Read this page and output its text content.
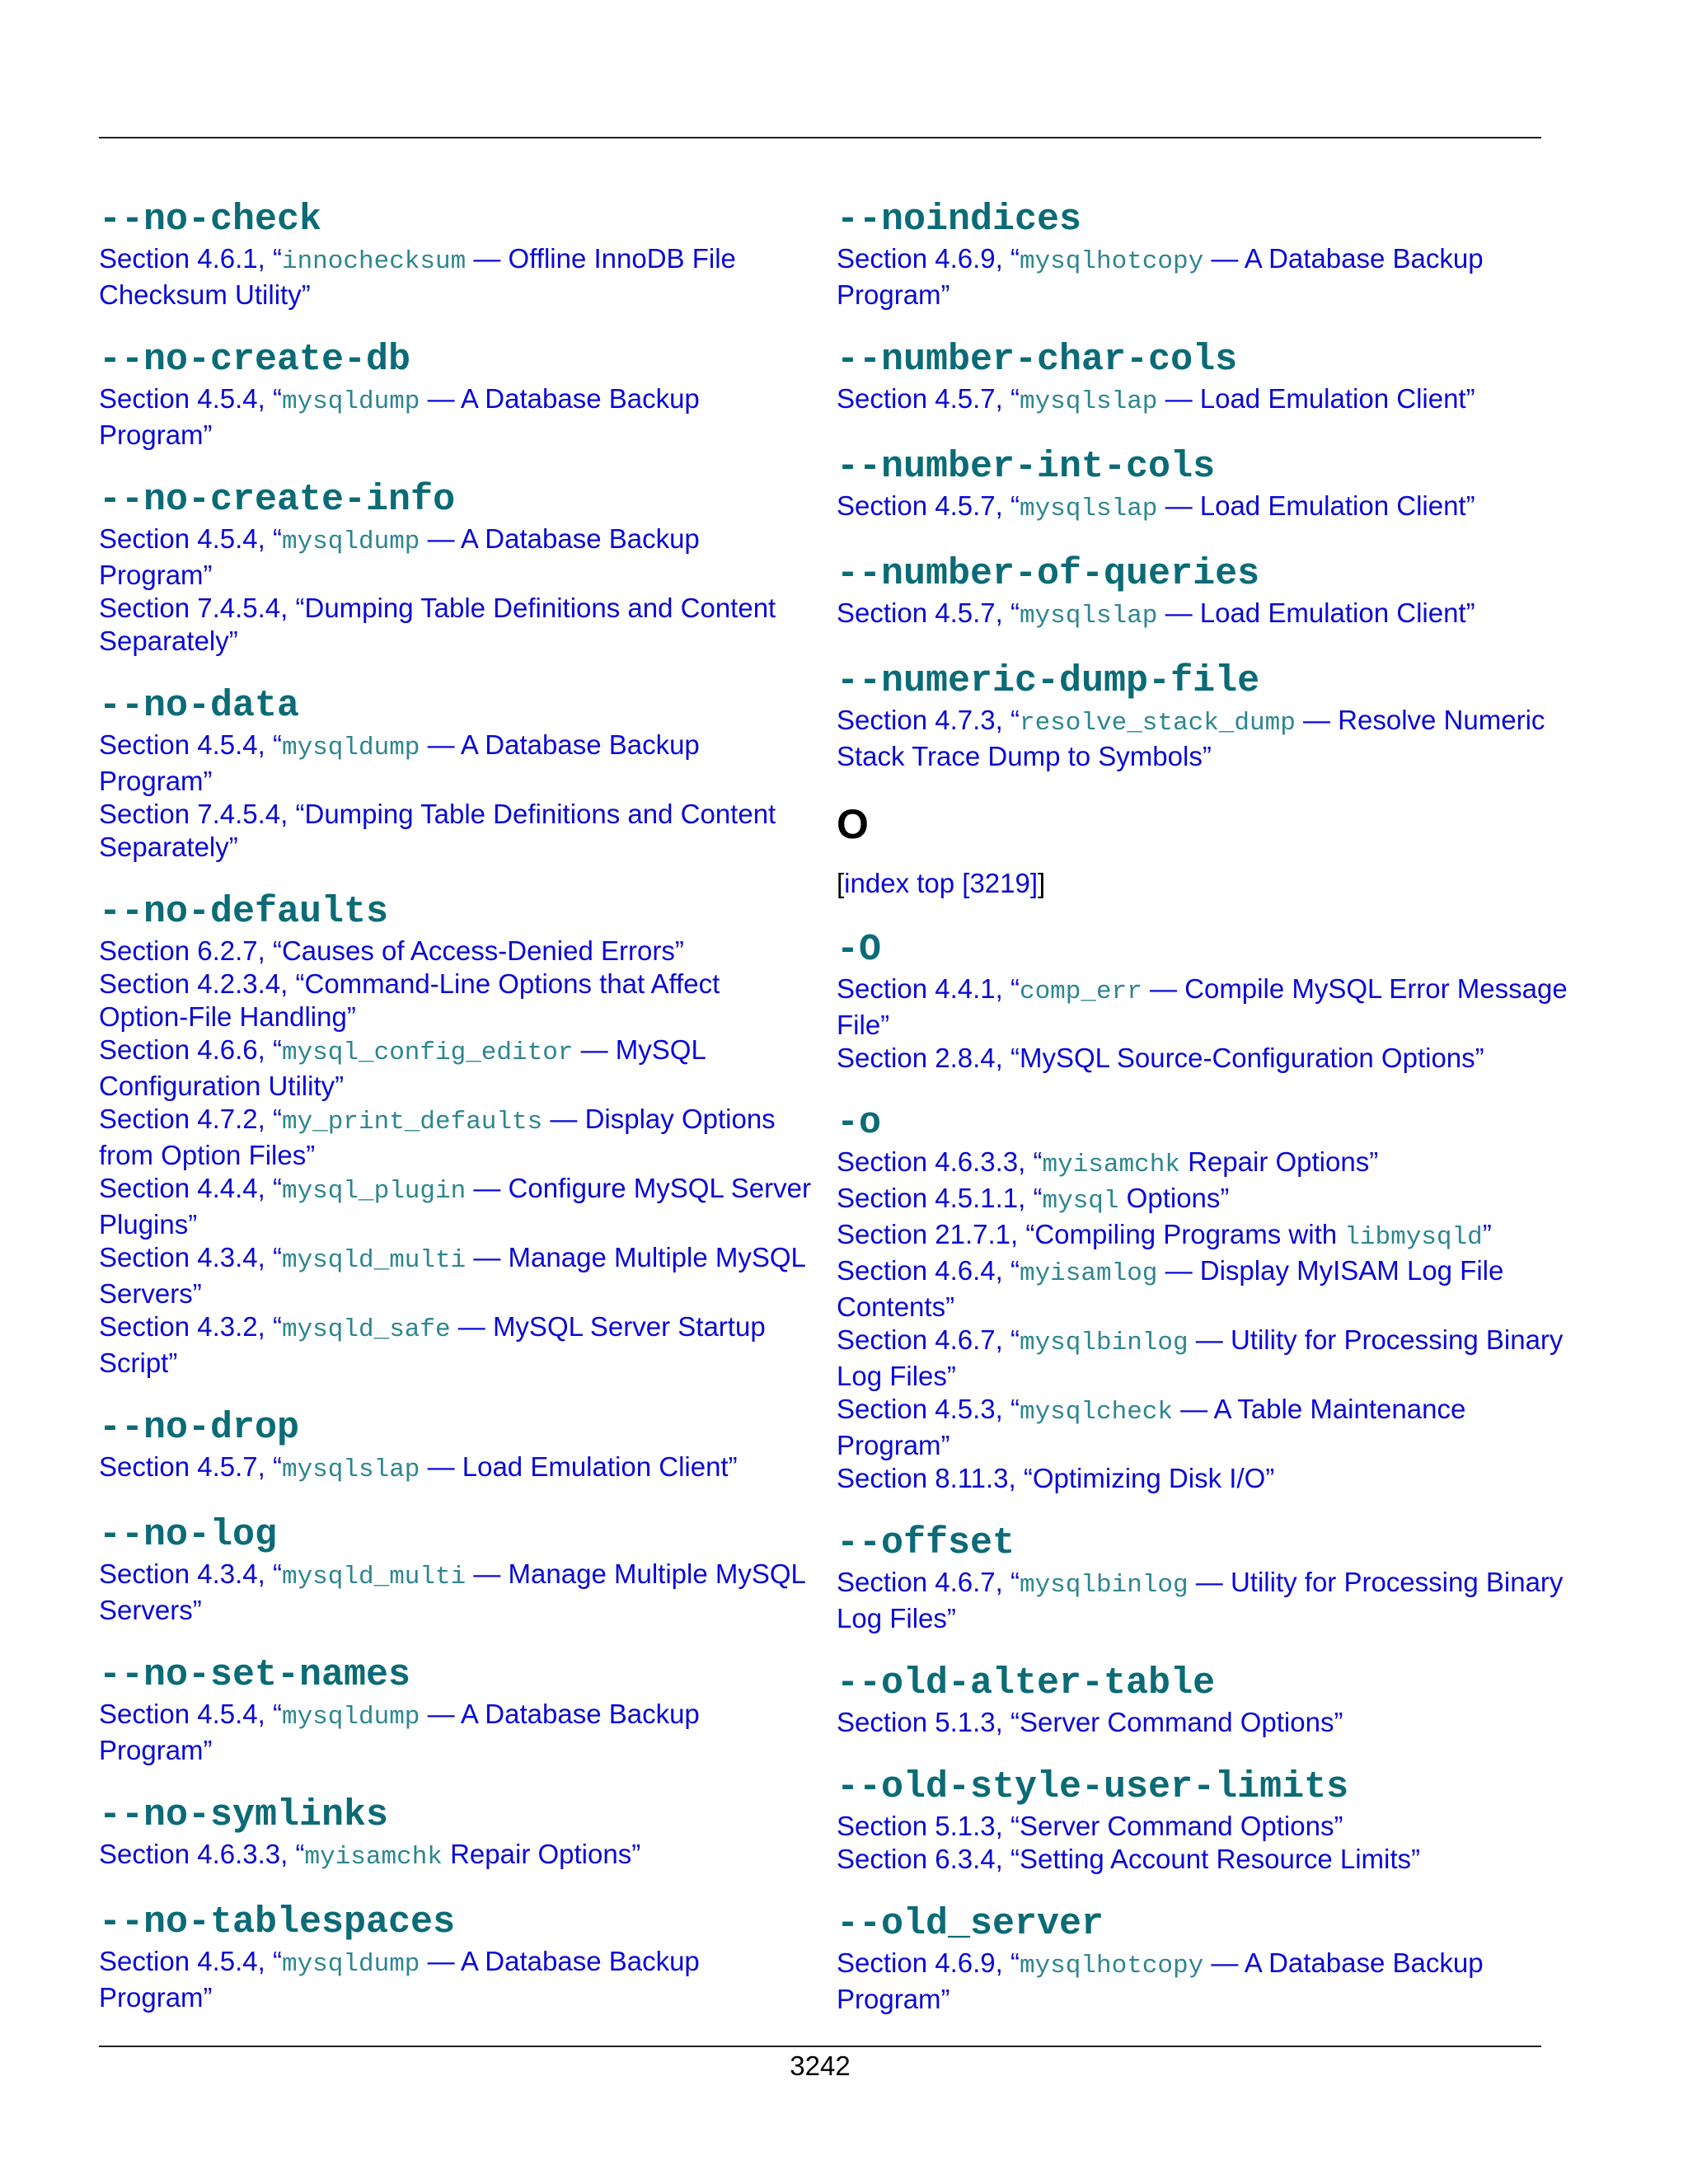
--no-check
Section 4.6.1, “innochecksum — Offline InnoDB File Checksum Utility”
--no-create-db
Section 4.5.4, “mysqldump — A Database Backup Program”
--no-create-info
Section 4.5.4, “mysqldump — A Database Backup Program”
Section 7.4.5.4, “Dumping Table Definitions and Content Separately”
--no-data
Section 4.5.4, “mysqldump — A Database Backup Program”
Section 7.4.5.4, “Dumping Table Definitions and Content Separately”
--no-defaults
Section 6.2.7, “Causes of Access-Denied Errors”
Section 4.2.3.4, “Command-Line Options that Affect Option-File Handling”
Section 4.6.6, “mysql_config_editor — MySQL Configuration Utility”
Section 4.7.2, “my_print_defaults — Display Options from Option Files”
Section 4.4.4, “mysql_plugin — Configure MySQL Server Plugins”
Section 4.3.4, “mysqld_multi — Manage Multiple MySQL Servers”
Section 4.3.2, “mysqld_safe — MySQL Server Startup Script”
--no-drop
Section 4.5.7, “mysqlslap — Load Emulation Client”
--no-log
Section 4.3.4, “mysqld_multi — Manage Multiple MySQL Servers”
--no-set-names
Section 4.5.4, “mysqldump — A Database Backup Program”
--no-symlinks
Section 4.6.3.3, “myisamchk Repair Options”
--no-tablespaces
Section 4.5.4, “mysqldump — A Database Backup Program”
--noindices
Section 4.6.9, “mysqlhotcopy — A Database Backup Program”
--number-char-cols
Section 4.5.7, “mysqlslap — Load Emulation Client”
--number-int-cols
Section 4.5.7, “mysqlslap — Load Emulation Client”
--number-of-queries
Section 4.5.7, “mysqlslap — Load Emulation Client”
--numeric-dump-file
Section 4.7.3, “resolve_stack_dump — Resolve Numeric Stack Trace Dump to Symbols”
O
[index top [3219]]
-O
Section 4.4.1, “comp_err — Compile MySQL Error Message File”
Section 2.8.4, “MySQL Source-Configuration Options”
-o
Section 4.6.3.3, “myisamchk Repair Options”
Section 4.5.1.1, “mysql Options”
Section 21.7.1, “Compiling Programs with libmysqld”
Section 4.6.4, “myisamlog — Display MyISAM Log File Contents”
Section 4.6.7, “mysqlbinlog — Utility for Processing Binary Log Files”
Section 4.5.3, “mysqlcheck — A Table Maintenance Program”
Section 8.11.3, “Optimizing Disk I/O”
--offset
Section 4.6.7, “mysqlbinlog — Utility for Processing Binary Log Files”
--old-alter-table
Section 5.1.3, “Server Command Options”
--old-style-user-limits
Section 5.1.3, “Server Command Options”
Section 6.3.4, “Setting Account Resource Limits”
--old_server
Section 4.6.9, “mysqlhotcopy — A Database Backup Program”
3242
